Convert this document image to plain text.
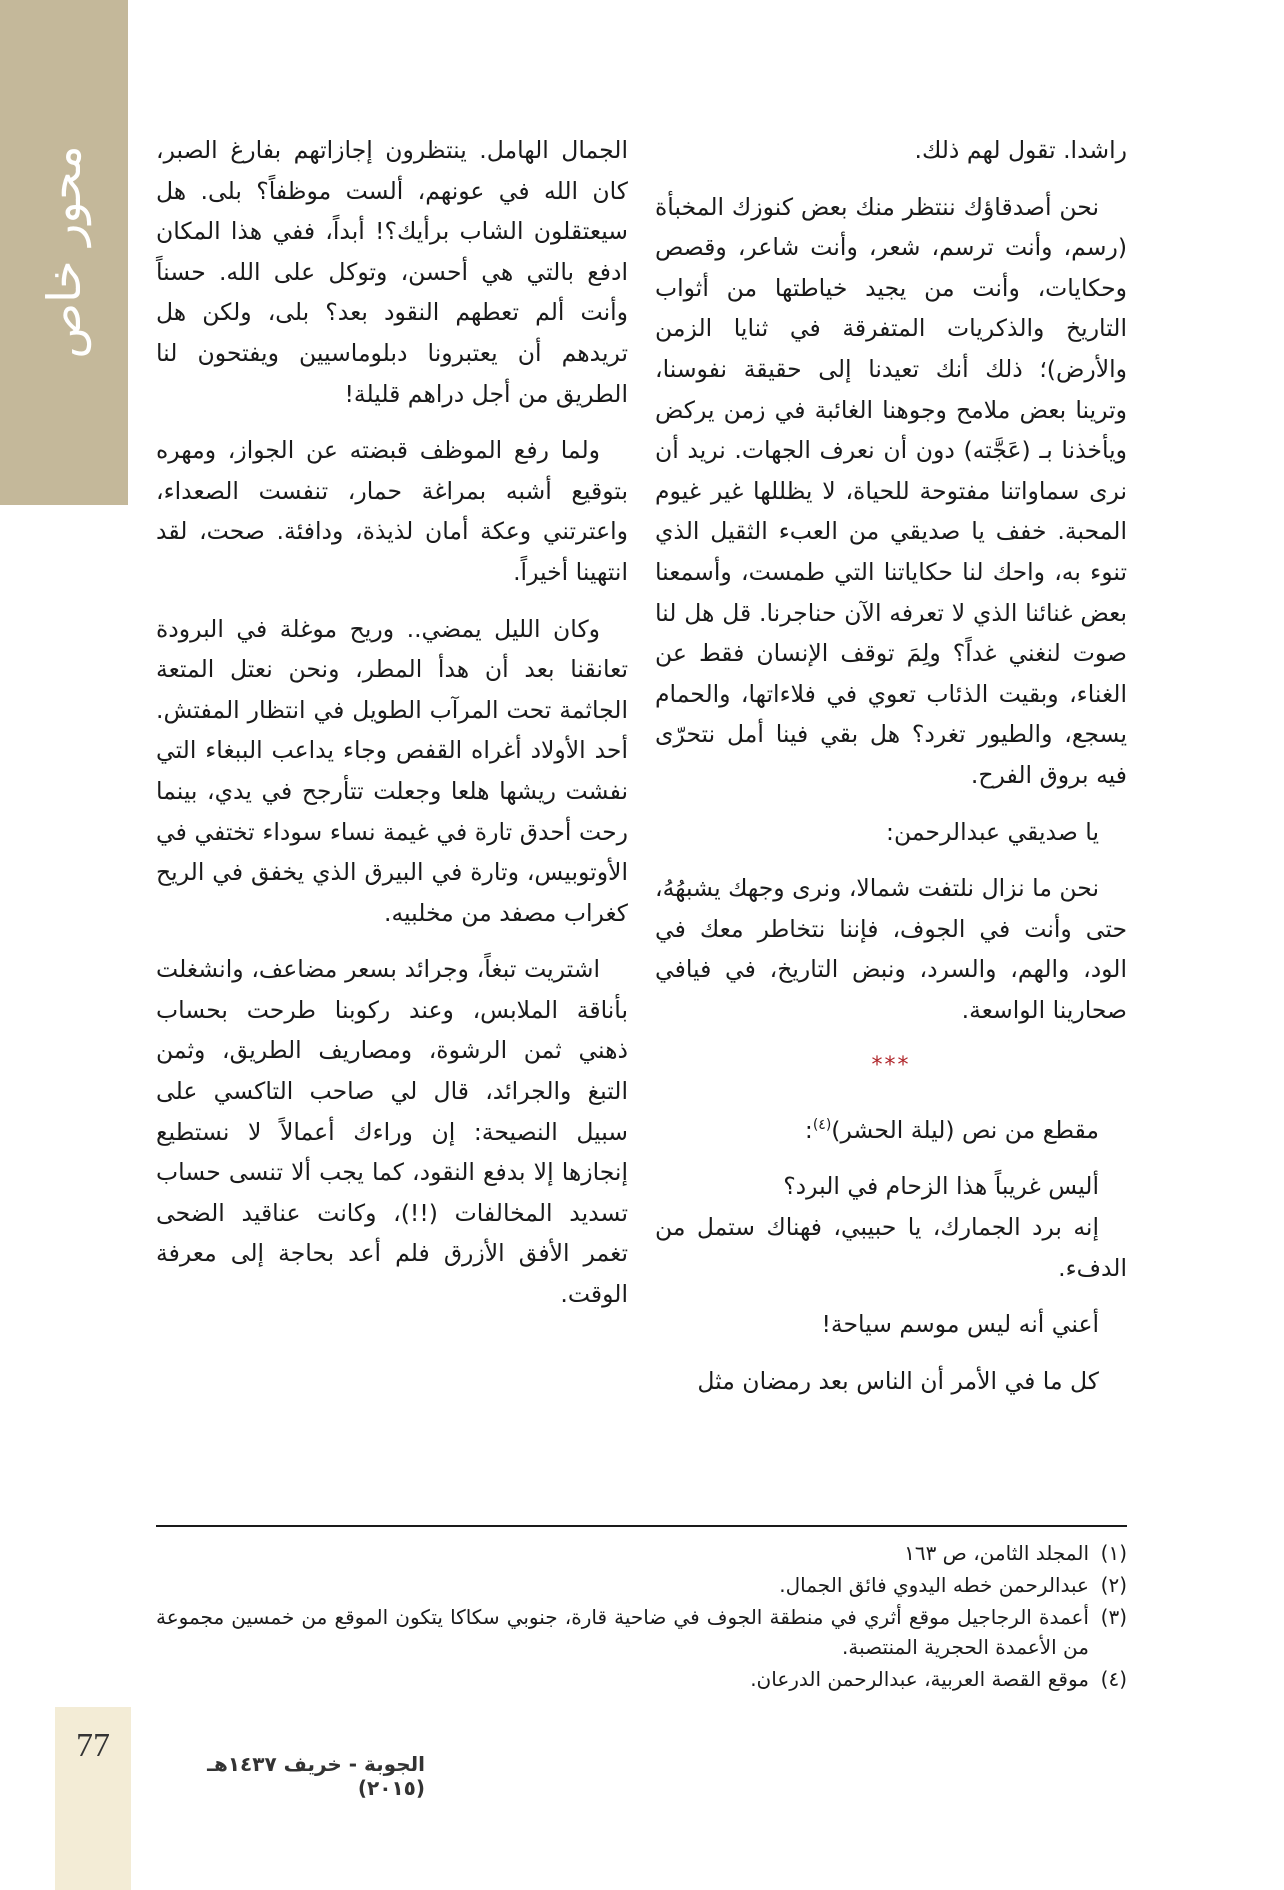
محور خاص	راشدا. تقول لهم ذلك.

نحن أصدقاؤك ننتظر منك بعض كنوزك المخبأة (رسم، وأنت ترسم، شعر، وأنت شاعر، وقصص وحكايات، وأنت من يجيد خياطتها من أثواب التاريخ والذكريات المتفرقة في ثنايا الزمن والأرض)؛ ذلك أنك تعيدنا إلى حقيقة نفوسنا، وترينا بعض ملامح وجوهنا الغائبة في زمن يركض ويأخذنا بـ (عَجَّته) دون أن نعرف الجهات. نريد أن نرى سماواتنا مفتوحة للحياة، لا يظللها غير غيوم المحبة. خفف يا صديقي من العبء الثقيل الذي تنوء به، واحك لنا حكاياتنا التي طمست، وأسمعنا بعض غنائنا الذي لا تعرفه الآن حناجرنا. قل هل لنا صوت لنغني غداً؟ ولِمَ توقف الإنسان فقط عن الغناء، وبقيت الذئاب تعوي في فلاءاتها، والحمام يسجع، والطيور تغرد؟ هل بقي فينا أمل نتحرّى فيه بروق الفرح.

يا صديقي عبدالرحمن:

نحن ما نزال نلتفت شمالا، ونرى وجهك يشبهُهُ، حتى وأنت في الجوف، فإننا نتخاطر معك في الود، والهم، والسرد، ونبض التاريخ، في فيافي صحارينا الواسعة.

***

مقطع من نص (ليلة الحشر)$^{(٤)}$:

أليس غريباً هذا الزحام في البرد؟

إنه برد الجمارك، يا حبيبي، فهناك ستمل من الدفء.

أعني أنه ليس موسم سياحة!

كل ما في الأمر أن الناس بعد رمضان مثل

الجمال الهامل. ينتظرون إجازاتهم بفارغ الصبر، كان الله في عونهم، ألست موظفاً؟ بلى. هل سيعتقلون الشاب برأيك؟! أبداً، ففي هذا المكان ادفع بالتي هي أحسن، وتوكل على الله. حسناً وأنت ألم تعطهم النقود بعد؟ بلى، ولكن هل تريدهم أن يعتبرونا دبلوماسيين ويفتحون لنا الطريق من أجل دراهم قليلة!

ولما رفع الموظف قبضته عن الجواز، ومهره بتوقيع أشبه بمراغة حمار، تنفست الصعداء، واعترتني وعكة أمان لذيذة، ودافئة. صحت، لقد انتهينا أخيراً.

وكان الليل يمضي.. وريح موغلة في البرودة تعانقنا بعد أن هدأ المطر، ونحن نعتل المتعة الجاثمة تحت المرآب الطويل في انتظار المفتش. أحد الأولاد أغراه القفص وجاء يداعب الببغاء التي نفشت ريشها هلعا وجعلت تتأرجح في يدي، بينما رحت أحدق تارة في غيمة نساء سوداء تختفي في الأوتوبيس، وتارة في البيرق الذي يخفق في الريح كغراب مصفد من مخلبيه.

اشتريت تبغاً، وجرائد بسعر مضاعف، وانشغلت بأناقة الملابس، وعند ركوبنا طرحت بحساب ذهني ثمن الرشوة، ومصاريف الطريق، وثمن التبغ والجرائد، قال لي صاحب التاكسي على سبيل النصيحة: إن وراءك أعمالاً لا نستطيع إنجازها إلا بدفع النقود، كما يجب ألا تنسى حساب تسديد المخالفات (!!)، وكانت عناقيد الضحى تغمر الأفق الأزرق فلم أعد بحاجة إلى معرفة الوقت.

(١)
المجلد الثامن، ص ١٦٣
(٢)
عبدالرحمن خطه اليدوي فائق الجمال.
(٣)
أعمدة الرجاجيل موقع أثري في منطقة الجوف في ضاحية قارة، جنوبي سكاكا يتكون الموقع من خمسين مجموعة من الأعمدة الحجرية المنتصبة.
(٤)
موقع القصة العربية، عبدالرحمن الدرعان.
77	الجوبة - خريف ١٤٣٧هـ (٢٠١٥)
